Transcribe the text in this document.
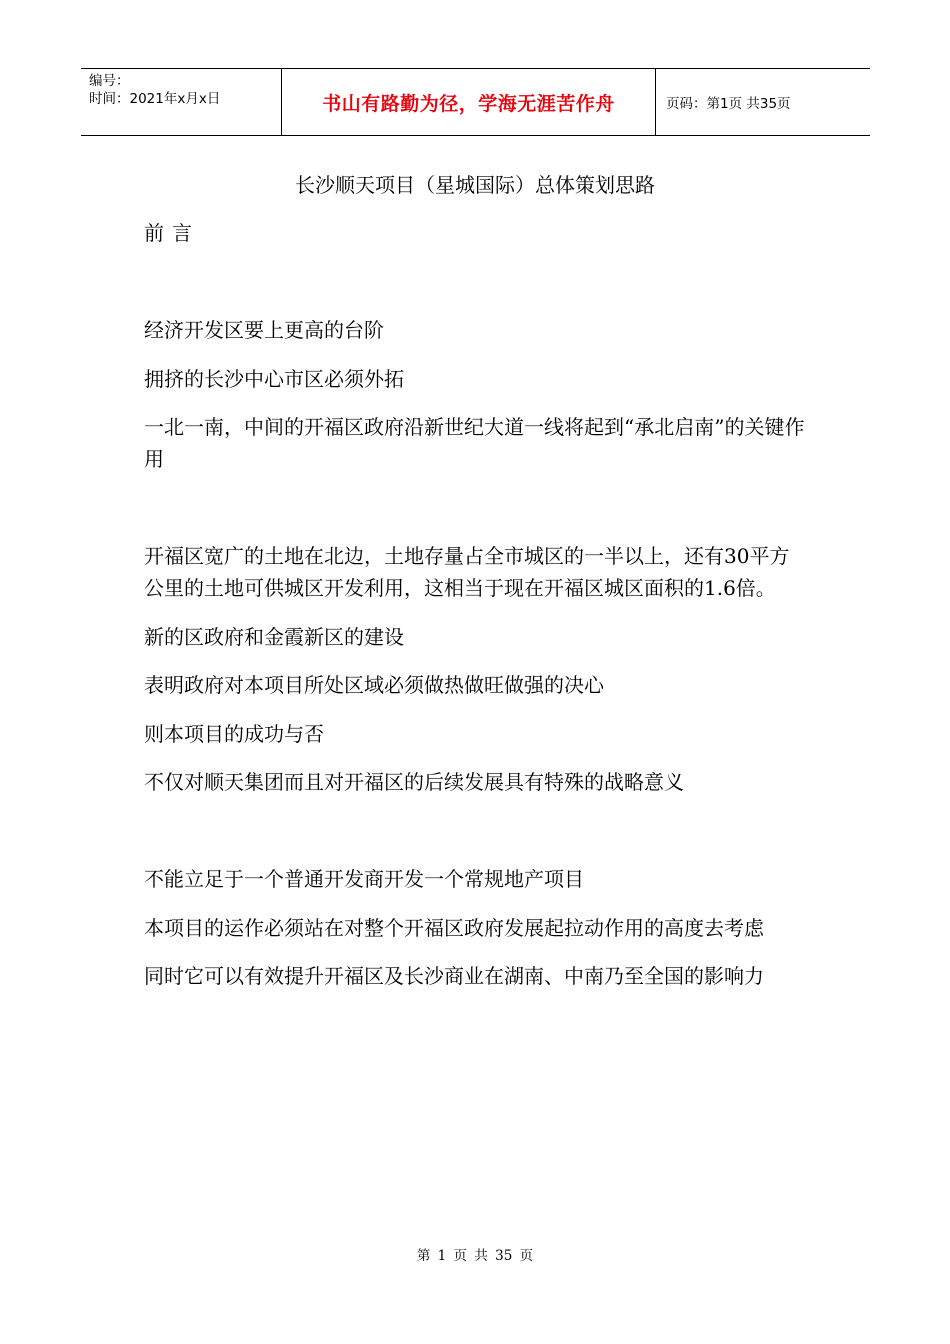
编号：
时间：2021年x月x日	书山有路勤为径，学海无涯苦作舟	页码：第1页 共35页
长沙顺天项目（星城国际）总体策划思路

前言

经济开发区要上更高的台阶

拥挤的长沙中心市区必须外拓

一北一南，中间的开福区政府沿新世纪大道一线将起到“承北启南”的关键作用

开福区宽广的土地在北边，土地存量占全市城区的一半以上，还有30平方公里的土地可供城区开发利用，这相当于现在开福区城区面积的1.6倍。

新的区政府和金霞新区的建设

表明政府对本项目所处区域必须做热做旺做强的决心

则本项目的成功与否

不仅对顺天集团而且对开福区的后续发展具有特殊的战略意义

不能立足于一个普通开发商开发一个常规地产项目

本项目的运作必须站在对整个开福区政府发展起拉动作用的高度去考虑

同时它可以有效提升开福区及长沙商业在湖南、中南乃至全国的影响力

第 1 页 共 35 页
